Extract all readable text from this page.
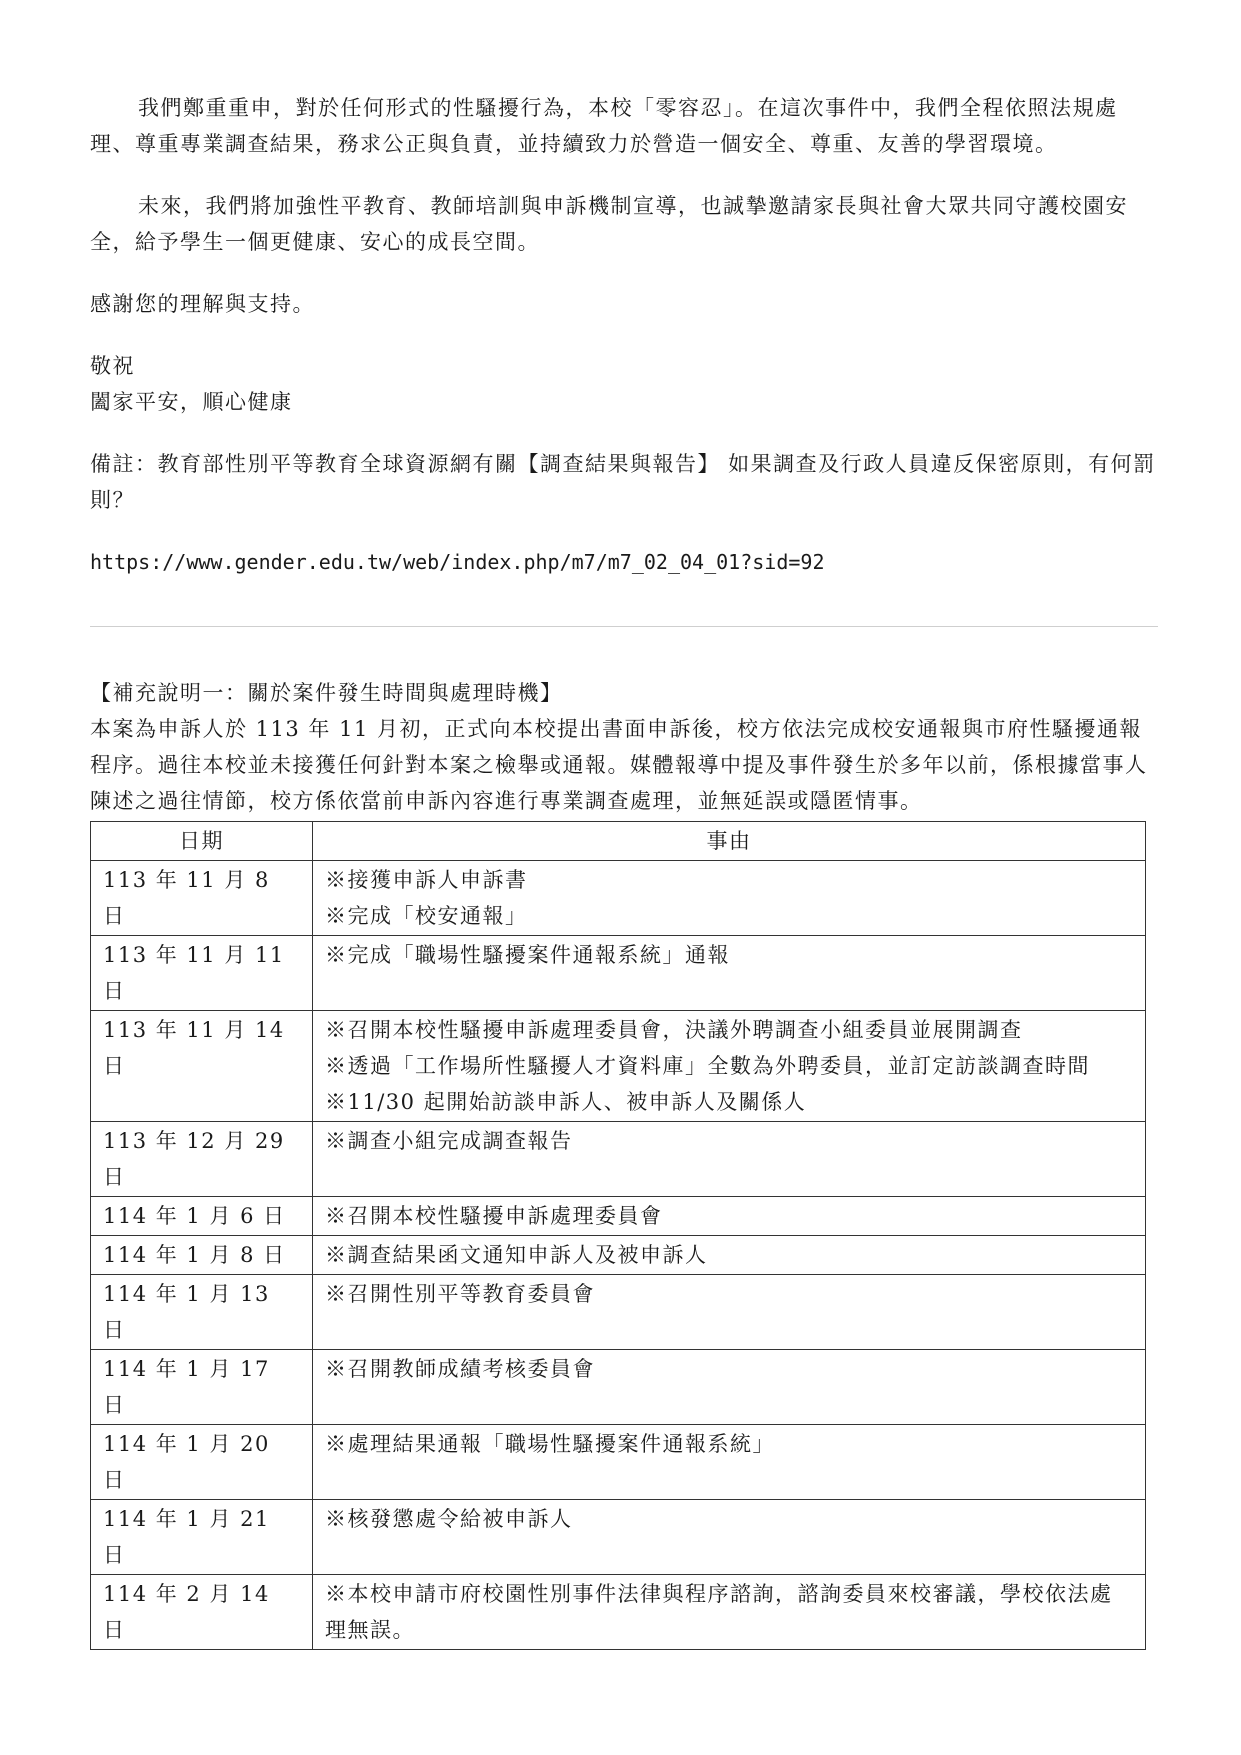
我們鄭重重申，對於任何形式的性騷擾行為，本校「零容忍」。在這次事件中，我們全程依照法規處理、尊重專業調查結果，務求公正與負責，並持續致力於營造一個安全、尊重、友善的學習環境。

未來，我們將加強性平教育、教師培訓與申訴機制宣導，也誠摯邀請家長與社會大眾共同守護校園安全，給予學生一個更健康、安心的成長空間。

感謝您的理解與支持。

敬祝

闔家平安，順心健康

備註：教育部性別平等教育全球資源網有關【調查結果與報告】 如果調查及行政人員違反保密原則，有何罰則？

https://www.gender.edu.tw/web/index.php/m7/m7_02_04_01?sid=92

【補充說明一：關於案件發生時間與處理時機】

本案為申訴人於 113 年 11 月初，正式向本校提出書面申訴後，校方依法完成校安通報與市府性騷擾通報程序。過往本校並未接獲任何針對本案之檢舉或通報。媒體報導中提及事件發生於多年以前，係根據當事人陳述之過往情節，校方係依當前申訴內容進行專業調查處理，並無延誤或隱匿情事。

日期	事由
113 年 11 月 8 日	※接獲申訴人申訴書
※完成「校安通報」

113 年 11 月 11 日	※完成「職場性騷擾案件通報系統」通報

113 年 11 月 14 日	※召開本校性騷擾申訴處理委員會，決議外聘調查小組委員並展開調查
※透過「工作場所性騷擾人才資料庫」全數為外聘委員，並訂定訪談調查時間
※11/30 起開始訪談申訴人、被申訴人及關係人

113 年 12 月 29 日	※調查小組完成調查報告

114 年 1 月 6 日	※召開本校性騷擾申訴處理委員會

114 年 1 月 8 日	※調查結果函文通知申訴人及被申訴人

114 年 1 月 13 日	※召開性別平等教育委員會

114 年 1 月 17 日	※召開教師成績考核委員會

114 年 1 月 20 日	※處理結果通報「職場性騷擾案件通報系統」

114 年 1 月 21 日	※核發懲處令給被申訴人

114 年 2 月 14 日	※本校申請市府校園性別事件法律與程序諮詢，諮詢委員來校審議，學校依法處理無誤。
